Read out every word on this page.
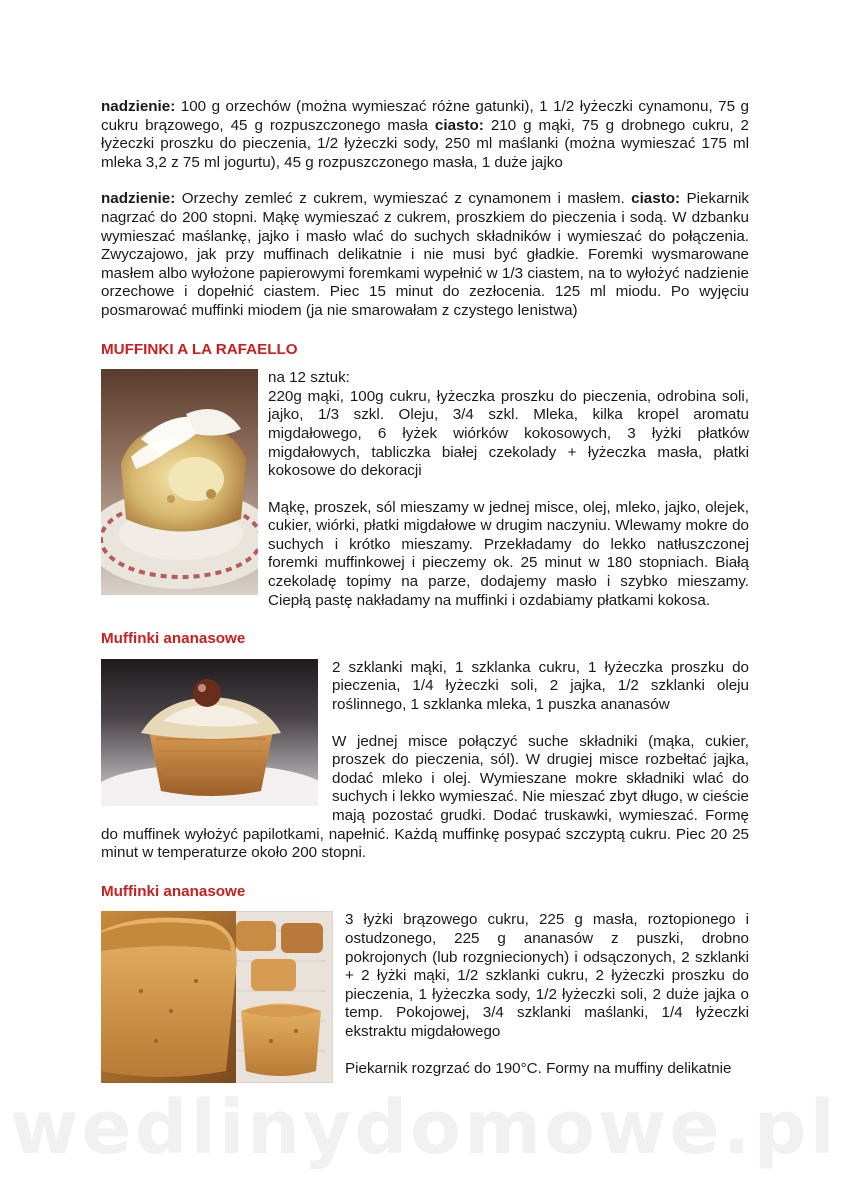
nadzienie: 100 g orzechów (można wymieszać różne gatunki), 1 1/2 łyżeczki cynamonu, 75 g cukru brązowego, 45 g rozpuszczonego masła ciasto: 210 g mąki, 75 g drobnego cukru, 2 łyżeczki proszku do pieczenia, 1/2 łyżeczki sody, 250 ml maślanki (można wymieszać 175 ml mleka 3,2 z 75 ml jogurtu), 45 g rozpuszczonego masła, 1 duże jajko

nadzienie: Orzechy zemleć z cukrem, wymieszać z cynamonem i masłem. ciasto: Piekarnik nagrzać do 200 stopni. Mąkę wymieszać z cukrem, proszkiem do pieczenia i sodą. W dzbanku wymieszać maślankę, jajko i masło wlać do suchych składników i wymieszać do połączenia. Zwyczajowo, jak przy muffinach delikatnie i nie musi być gładkie. Foremki wysmarowane masłem albo wyłożone papierowymi foremkami wypełnić w 1/3 ciastem, na to wyłożyć nadzienie orzechowe i dopełnić ciastem. Piec 15 minut do zezłocenia. 125 ml miodu. Po wyjęciu posmarować muffinki miodem (ja nie smarowałam z czystego lenistwa)

MUFFINKI A LA RAFAELLO

na 12 sztuk:
220g mąki, 100g cukru, łyżeczka proszku do pieczenia, odrobina soli, jajko, 1/3 szkl. Oleju, 3/4 szkl. Mleka, kilka kropel aromatu migdałowego, 6 łyżek wiórków kokosowych, 3 łyżki płatków migdałowych, tabliczka białej czekolady + łyżeczka masła, płatki kokosowe do dekoracji

Mąkę, proszek, sól mieszamy w jednej misce, olej, mleko, jajko, olejek, cukier, wiórki, płatki migdałowe w drugim naczyniu. Wlewamy mokre do suchych i krótko mieszamy. Przekładamy do lekko natłuszczonej foremki muffinkowej i pieczemy ok. 25 minut w 180 stopniach. Białą czekoladę topimy na parze, dodajemy masło i szybko mieszamy. Ciepłą pastę nakładamy na muffinki i ozdabiamy płatkami kokosa.

Muffinki ananasowe

2 szklanki mąki, 1 szklanka cukru, 1 łyżeczka proszku do pieczenia, 1/4 łyżeczki soli, 2 jajka, 1/2 szklanki oleju roślinnego, 1 szklanka mleka, 1 puszka ananasów

W jednej misce połączyć suche składniki (mąka, cukier, proszek do pieczenia, sól). W drugiej misce rozbełtać jajka, dodać mleko i olej. Wymieszane mokre składniki wlać do suchych i lekko wymieszać. Nie mieszać zbyt długo, w cieście mają pozostać grudki. Dodać truskawki, wymieszać. Formę do muffinek wyłożyć papilotkami, napełnić. Każdą muffinkę posypać szczyptą cukru. Piec 20 25 minut w temperaturze około 200 stopni.

Muffinki ananasowe

3 łyżki brązowego cukru, 225 g masła, roztopionego i ostudzonego, 225 g ananasów z puszki, drobno pokrojonych (lub rozgniecionych) i odsączonych, 2 szklanki + 2 łyżki mąki, 1/2 szklanki cukru, 2 łyżeczki proszku do pieczenia, 1 łyżeczka sody, 1/2 łyżeczki soli, 2 duże jajka o temp. Pokojowej, 3/4 szklanki maślanki, 1/4 łyżeczki ekstraktu migdałowego

Piekarnik rozgrzać do 190°C. Formy na muffiny delikatnie

wedlinydomowe.pl
